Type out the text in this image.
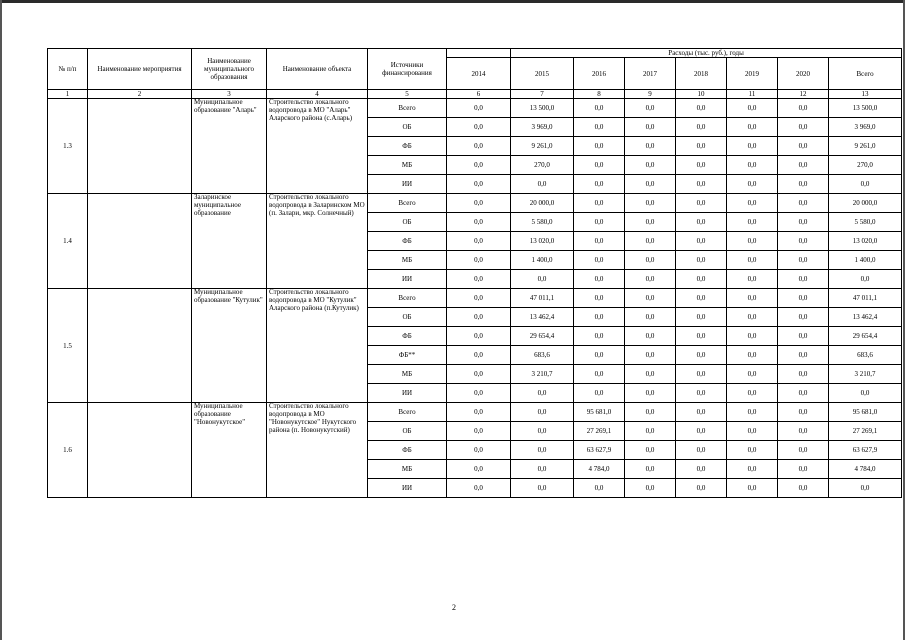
№ п/п	Наименование мероприятия	Наименование муниципального образования	Наименование объекта	Источники финансирования		Расходы (тыс. руб.), годы						
					2014	2015	2016	2017	2018	2019	2020	Всего
1	2	3	4	5	6	7	8	9	10	11	12	13
1.3		Муниципальное образование "Аларь"	Строительство локального водопровода в МО "Аларь" Аларского района (с.Аларь)	Всего	0,0	13 500,0	0,0	0,0	0,0	0,0	0,0	13 500,0
				ОБ	0,0	3 969,0	0,0	0,0	0,0	0,0	0,0	3 969,0
				ФБ	0,0	9 261,0	0,0	0,0	0,0	0,0	0,0	9 261,0
				МБ	0,0	270,0	0,0	0,0	0,0	0,0	0,0	270,0
				ИИ	0,0	0,0	0,0	0,0	0,0	0,0	0,0	0,0
1.4		Заларинское муниципальное образование	Строительство локального водопровода в Заларинском МО (п. Залари, мкр. Солнечный)	Всего	0,0	20 000,0	0,0	0,0	0,0	0,0	0,0	20 000,0
				ОБ	0,0	5 580,0	0,0	0,0	0,0	0,0	0,0	5 580,0
				ФБ	0,0	13 020,0	0,0	0,0	0,0	0,0	0,0	13 020,0
				МБ	0,0	1 400,0	0,0	0,0	0,0	0,0	0,0	1 400,0
				ИИ	0,0	0,0	0,0	0,0	0,0	0,0	0,0	0,0
1.5		Муниципальное образование "Кутулик"	Строительство локального водопровода в МО "Кутулик" Аларского района (п.Кутулик)	Всего	0,0	47 011,1	0,0	0,0	0,0	0,0	0,0	47 011,1
				ОБ	0,0	13 462,4	0,0	0,0	0,0	0,0	0,0	13 462,4
				ФБ	0,0	29 654,4	0,0	0,0	0,0	0,0	0,0	29 654,4
				ФБ**	0,0	683,6	0,0	0,0	0,0	0,0	0,0	683,6
				МБ	0,0	3 210,7	0,0	0,0	0,0	0,0	0,0	3 210,7
				ИИ	0,0	0,0	0,0	0,0	0,0	0,0	0,0	0,0
1.6		Муниципальное образование "Новонукутское"	Строительство локального водопровода в МО "Новонукутское" Нукутского района (п. Новонукутский)	Всего	0,0	0,0	95 681,0	0,0	0,0	0,0	0,0	95 681,0
				ОБ	0,0	0,0	27 269,1	0,0	0,0	0,0	0,0	27 269,1
				ФБ	0,0	0,0	63 627,9	0,0	0,0	0,0	0,0	63 627,9
				МБ	0,0	0,0	4 784,0	0,0	0,0	0,0	0,0	4 784,0
				ИИ	0,0	0,0	0,0	0,0	0,0	0,0	0,0	0,0
2
